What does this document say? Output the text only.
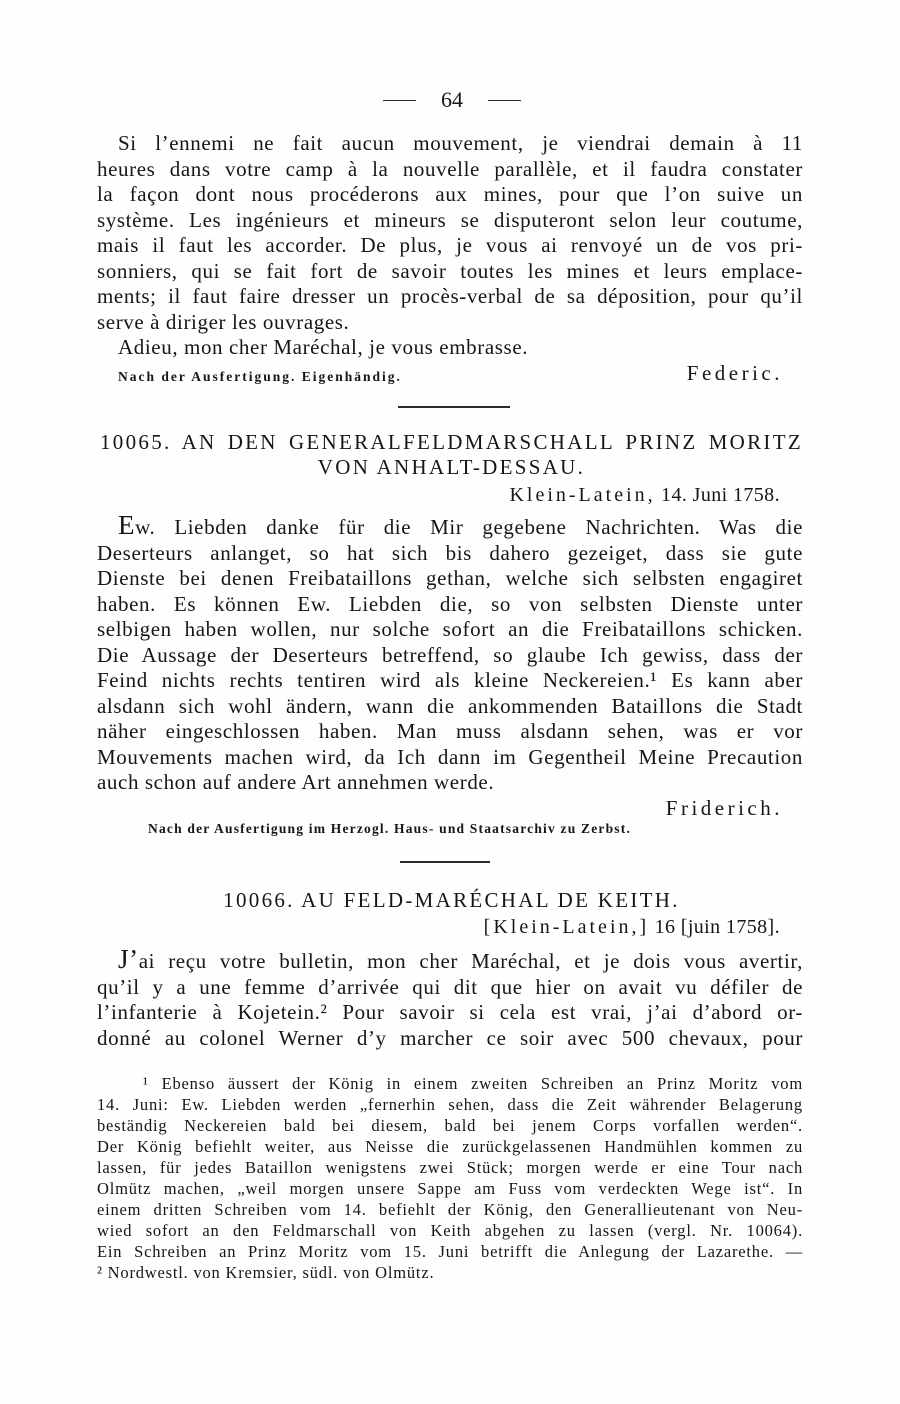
64
Si l’ennemi ne fait aucun mouvement, je viendrai demain à 11
heures dans votre camp à la nouvelle parallèle, et il faudra constater
la façon dont nous procéderons aux mines, pour que l’on suive un
système. Les ingénieurs et mineurs se disputeront selon leur coutume,
mais il faut les accorder. De plus, je vous ai renvoyé un de vos pri-
sonniers, qui se fait fort de savoir toutes les mines et leurs emplace-
ments; il faut faire dresser un procès-verbal de sa déposition, pour qu’il
serve à diriger les ouvrages.
Adieu, mon cher Maréchal, je vous embrasse.
Nach der Ausfertigung. Eigenhändig.	Federic.
10065. AN DEN GENERALFELDMARSCHALL PRINZ MORITZ
VON ANHALT-DESSAU.
Klein-Latein, 14. Juni 1758.
Ew. Liebden danke für die Mir gegebene Nachrichten. Was die
Deserteurs anlanget, so hat sich bis dahero gezeiget, dass sie gute
Dienste bei denen Freibataillons gethan, welche sich selbsten engagiret
haben. Es können Ew. Liebden die, so von selbsten Dienste unter
selbigen haben wollen, nur solche sofort an die Freibataillons schicken.
Die Aussage der Deserteurs betreffend, so glaube Ich gewiss, dass der
Feind nichts rechts tentiren wird als kleine Neckereien.¹ Es kann aber
alsdann sich wohl ändern, wann die ankommenden Bataillons die Stadt
näher eingeschlossen haben. Man muss alsdann sehen, was er vor
Mouvements machen wird, da Ich dann im Gegentheil Meine Precaution
auch schon auf andere Art annehmen werde.
Friderich.
Nach der Ausfertigung im Herzogl. Haus- und Staatsarchiv zu Zerbst.
10066. AU FELD-MARÉCHAL DE KEITH.
[Klein-Latein,] 16 [juin 1758].
J’ai reçu votre bulletin, mon cher Maréchal, et je dois vous avertir,
qu’il y a une femme d’arrivée qui dit que hier on avait vu défiler de
l’infanterie à Kojetein.² Pour savoir si cela est vrai, j’ai d’abord or-
donné au colonel Werner d’y marcher ce soir avec 500 chevaux, pour
¹ Ebenso äussert der König in einem zweiten Schreiben an Prinz Moritz vom
14. Juni: Ew. Liebden werden „fernerhin sehen, dass die Zeit währender Belagerung
beständig Neckereien bald bei diesem, bald bei jenem Corps vorfallen werden“.
Der König befiehlt weiter, aus Neisse die zurückgelassenen Handmühlen kommen zu
lassen, für jedes Bataillon wenigstens zwei Stück; morgen werde er eine Tour nach
Olmütz machen, „weil morgen unsere Sappe am Fuss vom verdeckten Wege ist“. In
einem dritten Schreiben vom 14. befiehlt der König, den Generallieutenant von Neu-
wied sofort an den Feldmarschall von Keith abgehen zu lassen (vergl. Nr. 10064).
Ein Schreiben an Prinz Moritz vom 15. Juni betrifft die Anlegung der Lazarethe. —
² Nordwestl. von Kremsier, südl. von Olmütz.
